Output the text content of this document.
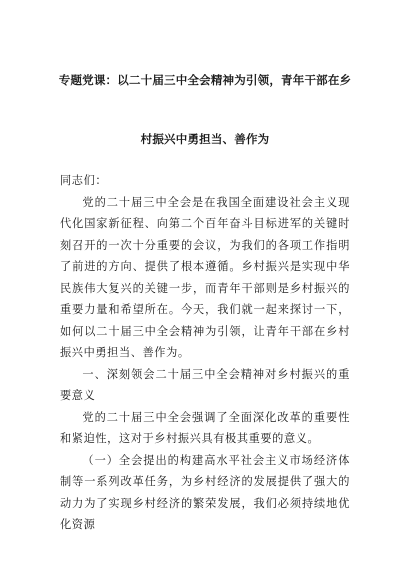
专题党课：以二十届三中全会精神为引领，青年干部在乡
村振兴中勇担当、善作为

同志们：

党的二十届三中全会是在我国全面建设社会主义现代化国家新征程、向第二个百年奋斗目标进军的关键时刻召开的一次十分重要的会议，为我们的各项工作指明了前进的方向、提供了根本遵循。乡村振兴是实现中华民族伟大复兴的关键一步，而青年干部则是乡村振兴的重要力量和希望所在。今天，我们就一起来探讨一下，如何以二十届三中全会精神为引领，让青年干部在乡村振兴中勇担当、善作为。

一、深刻领会二十届三中全会精神对乡村振兴的重要意义

党的二十届三中全会强调了全面深化改革的重要性和紧迫性，这对于乡村振兴具有极其重要的意义。

（一）全会提出的构建高水平社会主义市场经济体制等一系列改革任务，为乡村经济的发展提供了强大的动力为了实现乡村经济的繁荣发展，我们必须持续地优化资源
